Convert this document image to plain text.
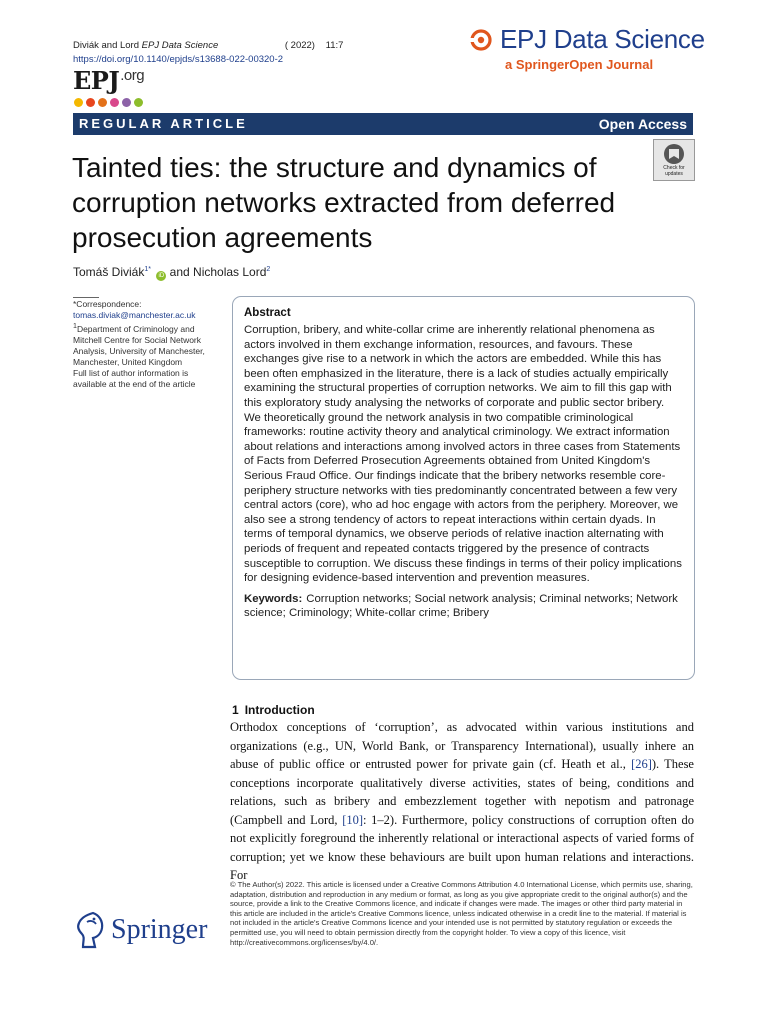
Diviák and Lord EPJ Data Science	( 2022) 11:7
https://doi.org/10.1140/epjds/s13688-022-00320-2
$EPJ^{.org}$
EPJ Data Science
a SpringerOpen Journal
REGULAR ARTICLE	Open Access
Tainted ties: the structure and dynamics of corruption networks extracted from deferred prosecution agreements
Check for
updates
Tomáš Diviák$^{1*}$ iD and Nicholas Lord$^2$
*Correspondence:
tomas.diviak@manchester.ac.uk
$^1$Department of Criminology and Mitchell Centre for Social Network Analysis, University of Manchester, Manchester, United Kingdom
Full list of author information is available at the end of the article
Abstract
Corruption, bribery, and white-collar crime are inherently relational phenomena as actors involved in them exchange information, resources, and favours. These exchanges give rise to a network in which the actors are embedded. While this has been often emphasized in the literature, there is a lack of studies actually empirically examining the structural properties of corruption networks. We aim to fill this gap with this exploratory study analysing the networks of corporate and public sector bribery. We theoretically ground the network analysis in two compatible criminological frameworks: routine activity theory and analytical criminology. We extract information about relations and interactions among involved actors in three cases from Statements of Facts from Deferred Prosecution Agreements obtained from United Kingdom's Serious Fraud Office. Our findings indicate that the bribery networks resemble core-periphery structure networks with ties predominantly concentrated between a few very central actors (core), who ad hoc engage with actors from the periphery. Moreover, we also see a strong tendency of actors to repeat interactions within certain dyads. In terms of temporal dynamics, we observe periods of relative inaction alternating with periods of frequent and repeated contacts triggered by the presence of contracts susceptible to corruption. We discuss these findings in terms of their policy implications for designing evidence-based intervention and prevention measures.
Keywords: Corruption networks; Social network analysis; Criminal networks; Network science; Criminology; White-collar crime; Bribery
1 Introduction
Orthodox conceptions of ‘corruption’, as advocated within various institutions and organizations (e.g., UN, World Bank, or Transparency International), usually inhere an abuse of public office or entrusted power for private gain (cf. Heath et al., [26]). These conceptions incorporate qualitatively diverse activities, states of being, conditions and relations, such as bribery and embezzlement together with nepotism and patronage (Campbell and Lord, [10]: 1–2). Furthermore, policy constructions of corruption often do not explicitly foreground the inherently relational or interactional aspects of varied forms of corruption; yet we know these behaviours are built upon human relations and interactions. For
Springer
© The Author(s) 2022. This article is licensed under a Creative Commons Attribution 4.0 International License, which permits use, sharing, adaptation, distribution and reproduction in any medium or format, as long as you give appropriate credit to the original author(s) and the source, provide a link to the Creative Commons licence, and indicate if changes were made. The images or other third party material in this article are included in the article's Creative Commons licence, unless indicated otherwise in a credit line to the material. If material is not included in the article's Creative Commons licence and your intended use is not permitted by statutory regulation or exceeds the permitted use, you will need to obtain permission directly from the copyright holder. To view a copy of this licence, visit http://creativecommons.org/licenses/by/4.0/.
